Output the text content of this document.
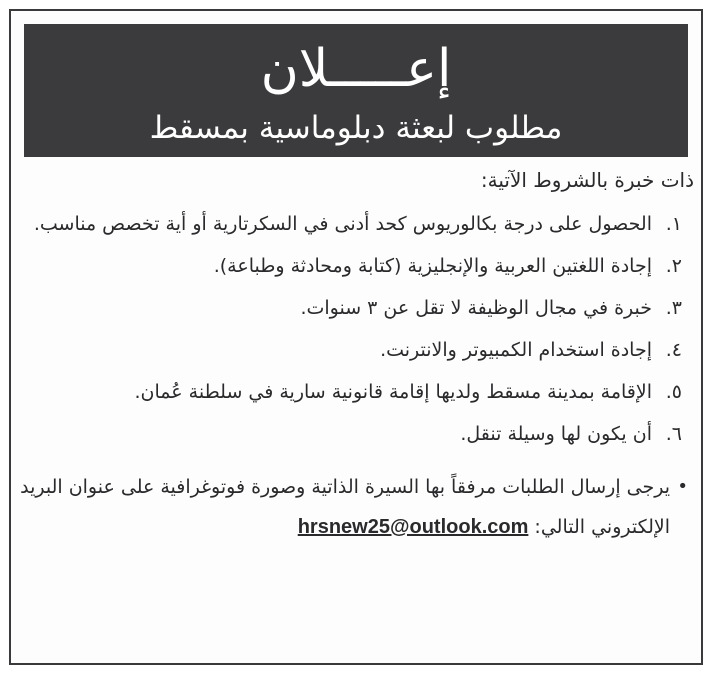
إعـــــلان
مطلوب لبعثة دبلوماسية بمسقط

ذات خبرة بالشروط الآتية:

١.
الحصول على درجة بكالوريوس كحد أدنى في السكرتارية أو أية تخصص مناسب.
٢.
إجادة اللغتين العربية والإنجليزية (كتابة ومحادثة وطباعة).
٣.
خبرة في مجال الوظيفة لا تقل عن ٣ سنوات.
٤.
إجادة استخدام الكمبيوتر والانترنت.
٥.
الإقامة بمدينة مسقط ولديها إقامة قانونية سارية في سلطنة عُمان.
٦.
أن يكون لها وسيلة تنقل.
•
يرجى إرسال الطلبات مرفقاً بها السيرة الذاتية وصورة فوتوغرافية على عنوان البريد الإلكتروني التالي: hrsnew25@outlook.com
